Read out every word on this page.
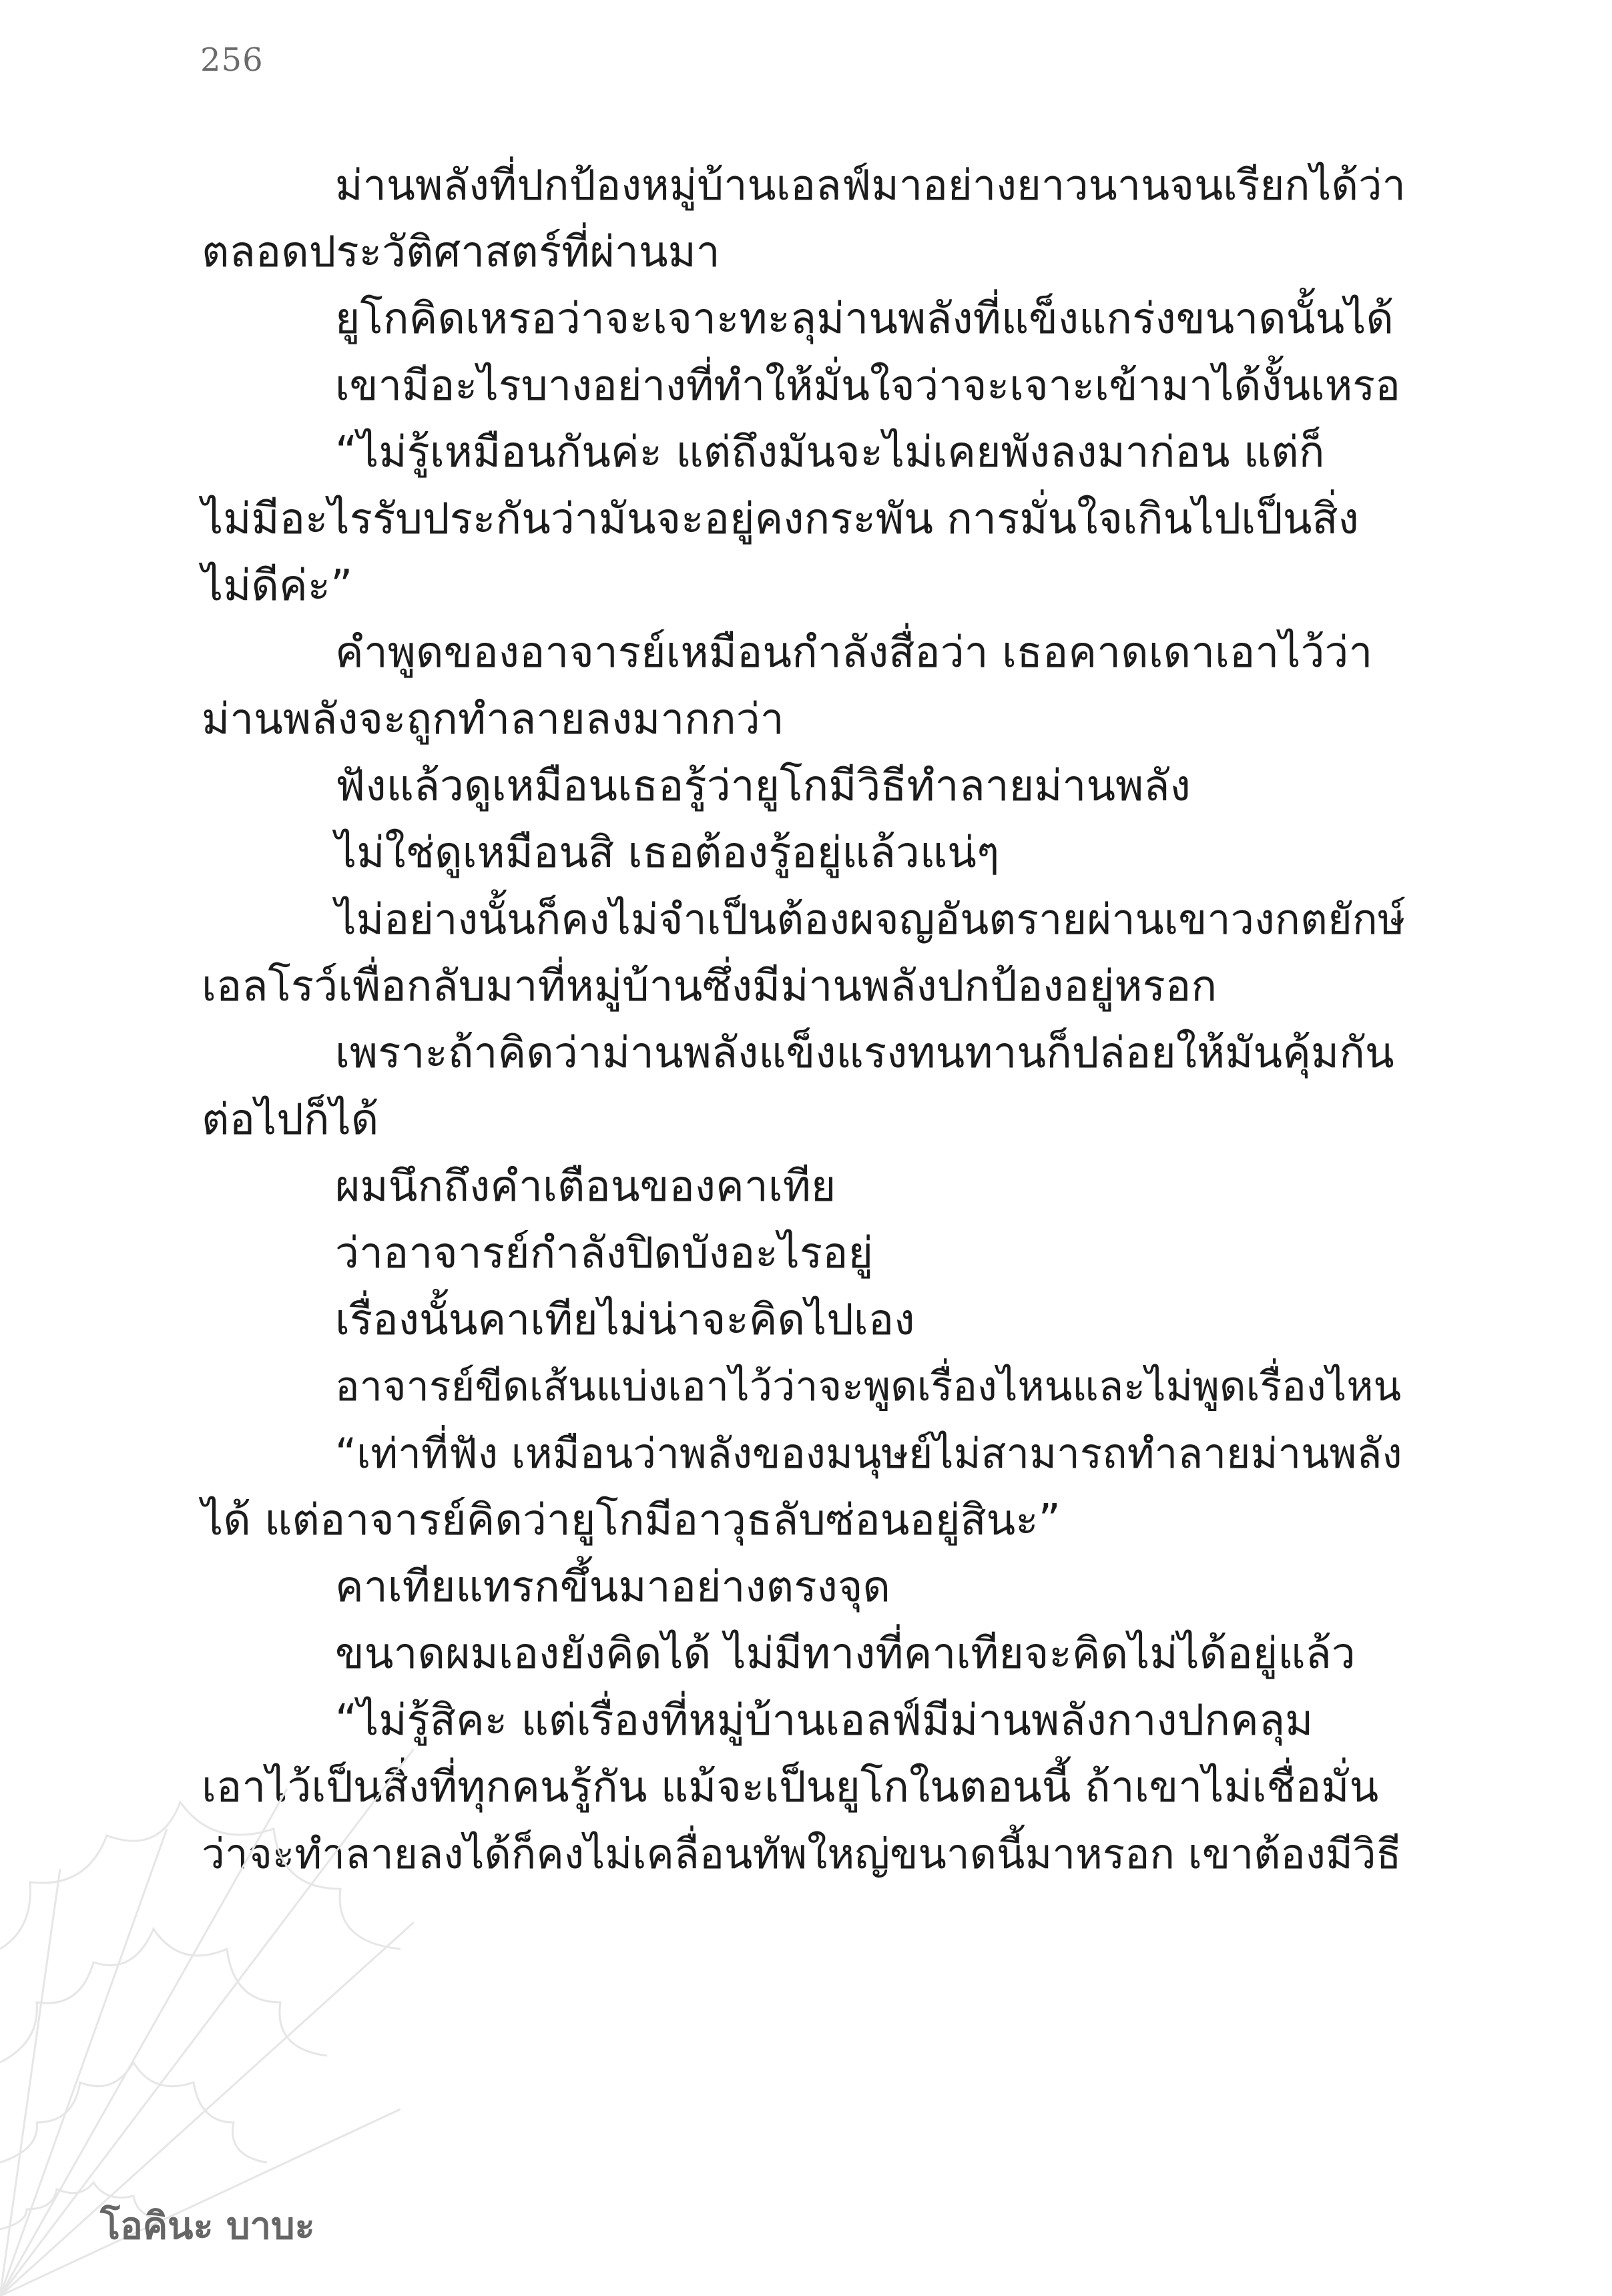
256
ม่านพลังที่ปกป้องหมู่บ้านเอลฟ์มาอย่างยาวนานจนเรียกได้ว่า
ตลอดประวัติศาสตร์ที่ผ่านมา
ยูโกคิดเหรอว่าจะเจาะทะลุม่านพลังที่แข็งแกร่งขนาดนั้นได้
เขามีอะไรบางอย่างที่ทำให้มั่นใจว่าจะเจาะเข้ามาได้งั้นเหรอ
“ไม่รู้เหมือนกันค่ะ แต่ถึงมันจะไม่เคยพังลงมาก่อน แต่ก็
ไม่มีอะไรรับประกันว่ามันจะอยู่คงกระพัน การมั่นใจเกินไปเป็นสิ่ง
ไม่ดีค่ะ”
คำพูดของอาจารย์เหมือนกำลังสื่อว่า เธอคาดเดาเอาไว้ว่า
ม่านพลังจะถูกทำลายลงมากกว่า
ฟังแล้วดูเหมือนเธอรู้ว่ายูโกมีวิธีทำลายม่านพลัง
ไม่ใช่ดูเหมือนสิ เธอต้องรู้อยู่แล้วแน่ๆ
ไม่อย่างนั้นก็คงไม่จำเป็นต้องผจญอันตรายผ่านเขาวงกตยักษ์
เอลโรว์เพื่อกลับมาที่หมู่บ้านซึ่งมีม่านพลังปกป้องอยู่หรอก
เพราะถ้าคิดว่าม่านพลังแข็งแรงทนทานก็ปล่อยให้มันคุ้มกัน
ต่อไปก็ได้
ผมนึกถึงคำเตือนของคาเทีย
ว่าอาจารย์กำลังปิดบังอะไรอยู่
เรื่องนั้นคาเทียไม่น่าจะคิดไปเอง
อาจารย์ขีดเส้นแบ่งเอาไว้ว่าจะพูดเรื่องไหนและไม่พูดเรื่องไหน
“เท่าที่ฟัง เหมือนว่าพลังของมนุษย์ไม่สามารถทำลายม่านพลัง
ได้ แต่อาจารย์คิดว่ายูโกมีอาวุธลับซ่อนอยู่สินะ”
คาเทียแทรกขึ้นมาอย่างตรงจุด
ขนาดผมเองยังคิดได้ ไม่มีทางที่คาเทียจะคิดไม่ได้อยู่แล้ว
“ไม่รู้สิคะ แต่เรื่องที่หมู่บ้านเอลฟ์มีม่านพลังกางปกคลุม
เอาไว้เป็นสิ่งที่ทุกคนรู้กัน แม้จะเป็นยูโกในตอนนี้ ถ้าเขาไม่เชื่อมั่น
ว่าจะทำลายลงได้ก็คงไม่เคลื่อนทัพใหญ่ขนาดนี้มาหรอก เขาต้องมีวิธี
โอคินะ บาบะ
